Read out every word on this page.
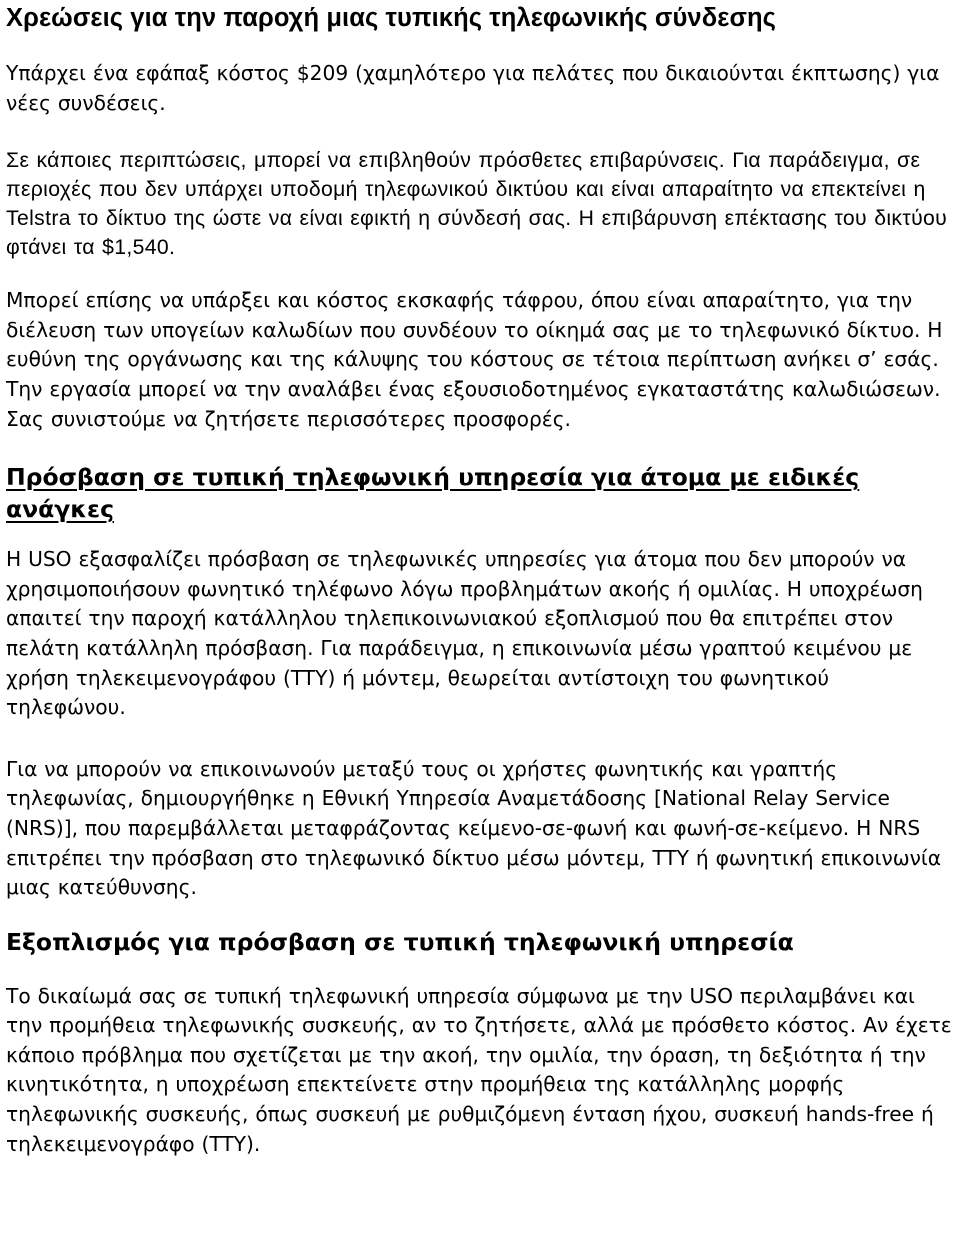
Χρεώσεις για την παροχή μιας τυπικής τηλεφωνικής σύνδεσης

Υπάρχει ένα εφάπαξ κόστος $209 (χαμηλότερο για πελάτες που δικαιούνται έκπτωσης) για νέες συνδέσεις.

Σε κάποιες περιπτώσεις, μπορεί να επιβληθούν πρόσθετες επιβαρύνσεις. Για παράδειγμα, σε περιοχές που δεν υπάρχει υποδομή τηλεφωνικού δικτύου και είναι απαραίτητο να επεκτείνει η Telstra το δίκτυο της ώστε να είναι εφικτή η σύνδεσή σας. Η επιβάρυνση επέκτασης του δικτύου φτάνει τα $1,540.

Μπορεί επίσης να υπάρξει και κόστος εκσκαφής τάφρου, όπου είναι απαραίτητο, για την διέλευση των υπογείων καλωδίων που συνδέουν το οίκημά σας με το τηλεφωνικό δίκτυο. Η ευθύνη της οργάνωσης και της κάλυψης του κόστους σε τέτοια περίπτωση ανήκει σ’ εσάς. Την εργασία μπορεί να την αναλάβει ένας εξουσιοδοτημένος εγκαταστάτης καλωδιώσεων. Σας συνιστούμε να ζητήσετε περισσότερες προσφορές.

Πρόσβαση σε τυπική τηλεφωνική υπηρεσία για άτομα με ειδικές ανάγκες

Η USO εξασφαλίζει πρόσβαση σε τηλεφωνικές υπηρεσίες για άτομα που δεν μπορούν να χρησιμοποιήσουν φωνητικό τηλέφωνο λόγω προβλημάτων ακοής ή ομιλίας. Η υποχρέωση απαιτεί την παροχή κατάλληλου τηλεπικοινωνιακού εξοπλισμού που θα επιτρέπει στον πελάτη κατάλληλη πρόσβαση. Για παράδειγμα, η επικοινωνία μέσω γραπτού κειμένου με χρήση τηλεκειμενογράφου (TTY) ή μόντεμ, θεωρείται αντίστοιχη του φωνητικού τηλεφώνου.

Για να μπορούν να επικοινωνούν μεταξύ τους οι χρήστες φωνητικής και γραπτής τηλεφωνίας, δημιουργήθηκε η Εθνική Υπηρεσία Αναμετάδοσης [National Relay Service (NRS)], που παρεμβάλλεται μεταφράζοντας κείμενο-σε-φωνή και φωνή-σε-κείμενο. Η NRS επιτρέπει την πρόσβαση στο τηλεφωνικό δίκτυο μέσω μόντεμ, TTY ή φωνητική επικοινωνία μιας κατεύθυνσης.

Εξοπλισμός για πρόσβαση σε τυπική τηλεφωνική υπηρεσία

Το δικαίωμά σας σε τυπική τηλεφωνική υπηρεσία σύμφωνα με την USO περιλαμβάνει και την προμήθεια τηλεφωνικής συσκευής, αν το ζητήσετε, αλλά με πρόσθετο κόστος. Αν έχετε κάποιο πρόβλημα που σχετίζεται με την ακοή, την ομιλία, την όραση, τη δεξιότητα ή την κινητικότητα, η υποχρέωση επεκτείνετε στην προμήθεια της κατάλληλης μορφής τηλεφωνικής συσκευής, όπως συσκευή με ρυθμιζόμενη ένταση ήχου, συσκευή hands-free ή τηλεκειμενογράφο (TTY).
